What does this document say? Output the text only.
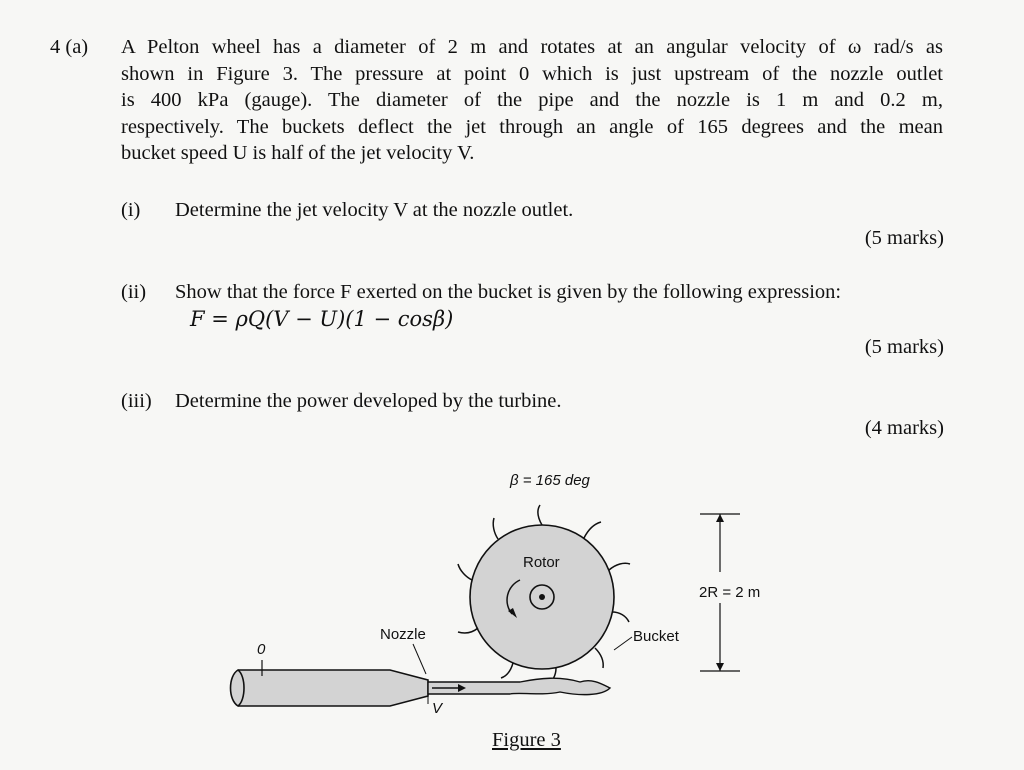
4 (a) A Pelton wheel has a diameter of 2 m and rotates at an angular velocity of ω rad/s as
shown in Figure 3. The pressure at point 0 which is just upstream of the nozzle outlet
is 400 kPa (gauge). The diameter of the pipe and the nozzle is 1 m and 0.2 m,
respectively. The buckets deflect the jet through an angle of 165 degrees and the mean
bucket speed U is half of the jet velocity V.
(i) Determine the jet velocity V at the nozzle outlet.
(5 marks)
(ii) Show that the force F exerted on the bucket is given by the following expression:
F = ρQ(V − U)(1 − cosβ)
(5 marks)
(iii) Determine the power developed by the turbine.
(4 marks)
β = 165 deg
Rotor
V
0
Nozzle	Bucket
2R = 2 m
Figure 3
